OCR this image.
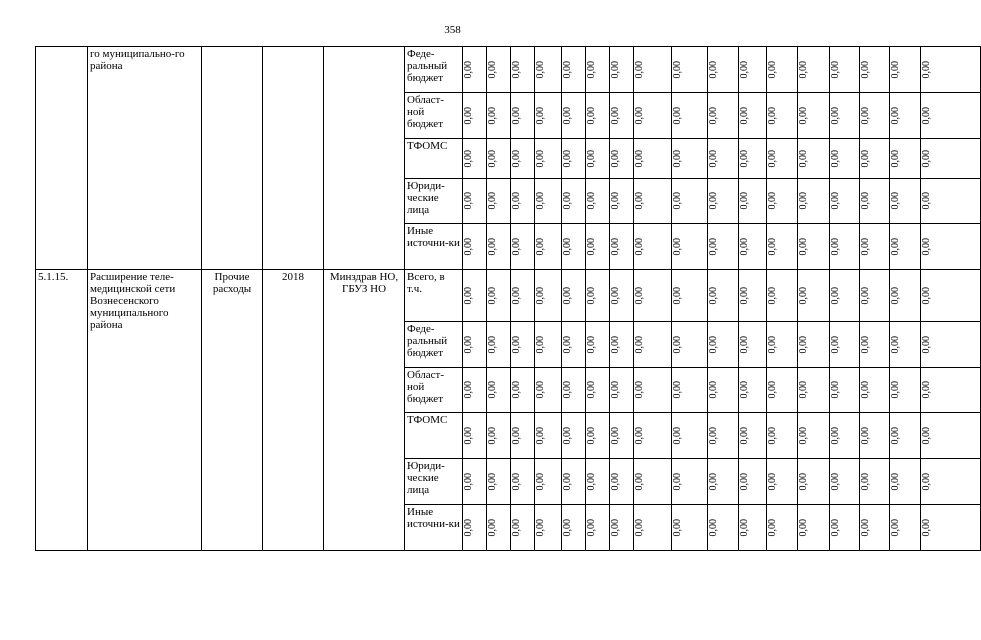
358
	го муниципально-го района				Феде-ральный бюджет	0,00	0,00	0,00	0,00	0,00	0,00	0,00	0,00	0,00	0,00	0,00	0,00	0,00	0,00	0,00	0,00	0,00

					Област-ной бюджет	0,00	0,00	0,00	0,00	0,00	0,00	0,00	0,00	0,00	0,00	0,00	0,00	0,00	0,00	0,00	0,00	0,00

					ТФОМС	0,00	0,00	0,00	0,00	0,00	0,00	0,00	0,00	0,00	0,00	0,00	0,00	0,00	0,00	0,00	0,00	0,00

					Юриди-ческие лица	0,00	0,00	0,00	0,00	0,00	0,00	0,00	0,00	0,00	0,00	0,00	0,00	0,00	0,00	0,00	0,00	0,00

					Иные источни-ки	0,00	0,00	0,00	0,00	0,00	0,00	0,00	0,00	0,00	0,00	0,00	0,00	0,00	0,00	0,00	0,00	0,00

5.1.15.	Расширение теле-медицинской сети Вознесенского муниципального района	Прочие расходы	2018	Минздрав НО, ГБУЗ НО	Всего, в т.ч.	0,00	0,00	0,00	0,00	0,00	0,00	0,00	0,00	0,00	0,00	0,00	0,00	0,00	0,00	0,00	0,00	0,00

					Феде-ральный бюджет	0,00	0,00	0,00	0,00	0,00	0,00	0,00	0,00	0,00	0,00	0,00	0,00	0,00	0,00	0,00	0,00	0,00

					Област-ной бюджет	0,00	0,00	0,00	0,00	0,00	0,00	0,00	0,00	0,00	0,00	0,00	0,00	0,00	0,00	0,00	0,00	0,00

					ТФОМС	0,00	0,00	0,00	0,00	0,00	0,00	0,00	0,00	0,00	0,00	0,00	0,00	0,00	0,00	0,00	0,00	0,00

					Юриди-ческие лица	0,00	0,00	0,00	0,00	0,00	0,00	0,00	0,00	0,00	0,00	0,00	0,00	0,00	0,00	0,00	0,00	0,00

					Иные источни-ки	0,00	0,00	0,00	0,00	0,00	0,00	0,00	0,00	0,00	0,00	0,00	0,00	0,00	0,00	0,00	0,00	0,00
